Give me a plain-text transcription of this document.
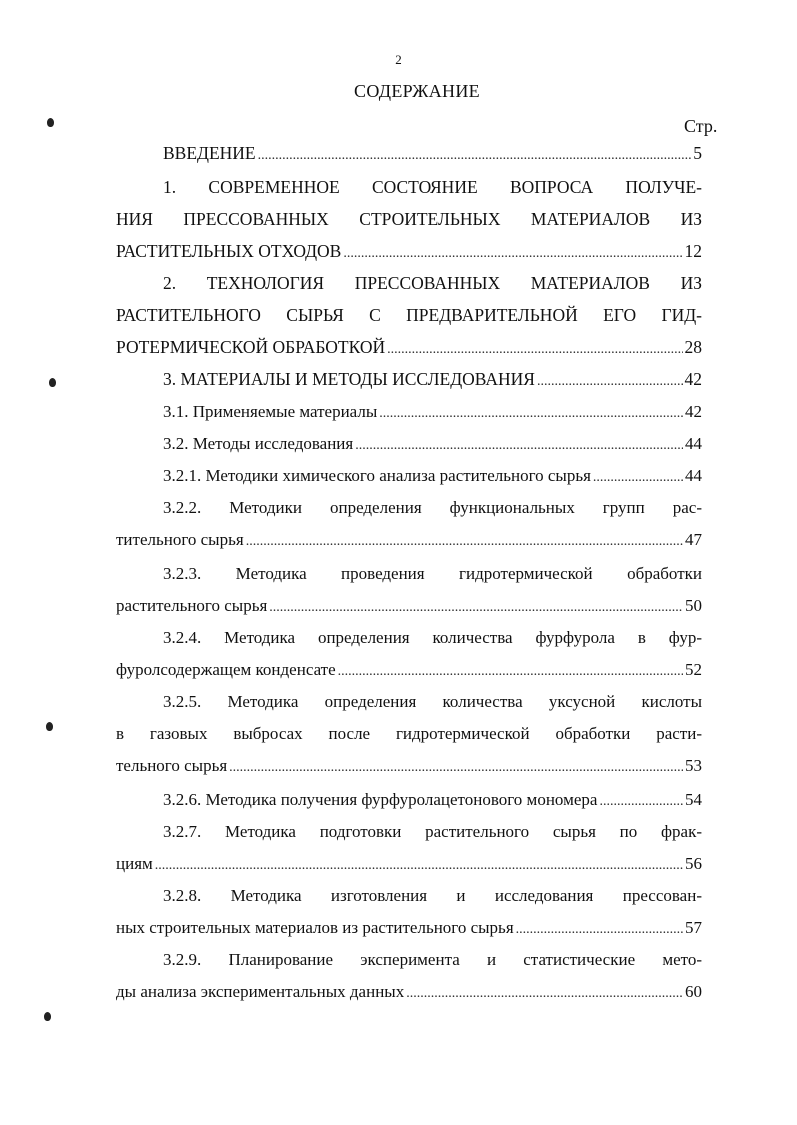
2
СОДЕРЖАНИЕ
Стр.
ВВЕДЕНИЕ .....	5
1. СОВРЕМЕННОЕ СОСТОЯНИЕ ВОПРОСА ПОЛУЧЕ-
НИЯ ПРЕССОВАННЫХ СТРОИТЕЛЬНЫХ МАТЕРИАЛОВ ИЗ
РАСТИТЕЛЬНЫХ ОТХОДОВ .....	12
2. ТЕХНОЛОГИЯ ПРЕССОВАННЫХ МАТЕРИАЛОВ ИЗ
РАСТИТЕЛЬНОГО СЫРЬЯ С ПРЕДВАРИТЕЛЬНОЙ ЕГО ГИД-
РОТЕРМИЧЕСКОЙ ОБРАБОТКОЙ .....	28
3. МАТЕРИАЛЫ И МЕТОДЫ ИССЛЕДОВАНИЯ .....	42
3.1. Применяемые материалы .....	42
3.2. Методы исследования .....	44
3.2.1. Методики химического анализа растительного сырья .....	44
3.2.2. Методики определения функциональных групп рас-
тительного сырья .....	47
3.2.3. Методика проведения гидротермической обработки
растительного сырья .....	50
3.2.4. Методика определения количества фурфурола в фур-
фуролсодержащем конденсате .....	52
3.2.5. Методика определения количества уксусной кислоты
в газовых выбросах после гидротермической обработки расти-
тельного сырья .....	53
3.2.6. Методика получения фурфуролацетонового мономера .....	54
3.2.7. Методика подготовки растительного сырья по фрак-
циям .....	56
3.2.8. Методика изготовления и исследования прессован-
ных строительных материалов из растительного сырья .....	57
3.2.9. Планирование эксперимента и статистические мето-
ды анализа экспериментальных данных .....	60
